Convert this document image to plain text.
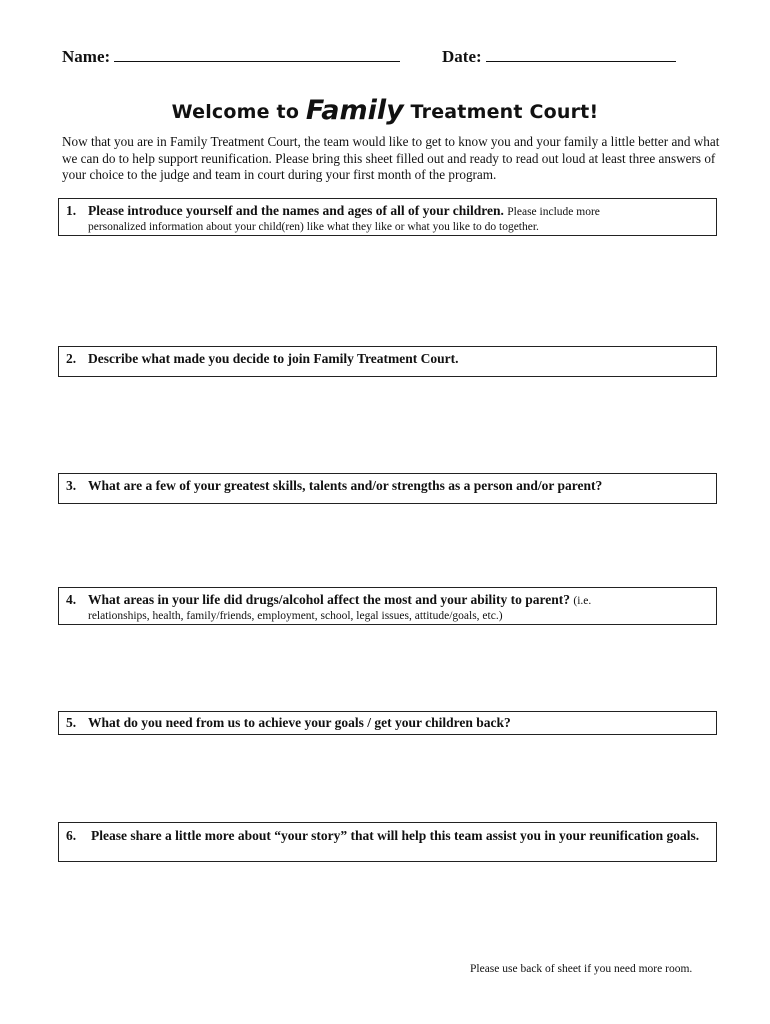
Name:	Date:
Welcome to Family Treatment Court!
Now that you are in Family Treatment Court, the team would like to get to know you and your family a little better and what we can do to help support reunification. Please bring this sheet filled out and ready to read out loud at least three answers of your choice to the judge and team in court during your first month of the program.
1. Please introduce yourself and the names and ages of all of your children. Please include more
personalized information about your child(ren) like what they like or what you like to do together.
2. Describe what made you decide to join Family Treatment Court.
3. What are a few of your greatest skills, talents and/or strengths as a person and/or parent?
4. What areas in your life did drugs/alcohol affect the most and your ability to parent? (i.e.
relationships, health, family/friends, employment, school, legal issues, attitude/goals, etc.)
5. What do you need from us to achieve your goals / get your children back?
6.	Please share a little more about “your story” that will help this team assist you in your reunification goals.
Please use back of sheet if you need more room.
